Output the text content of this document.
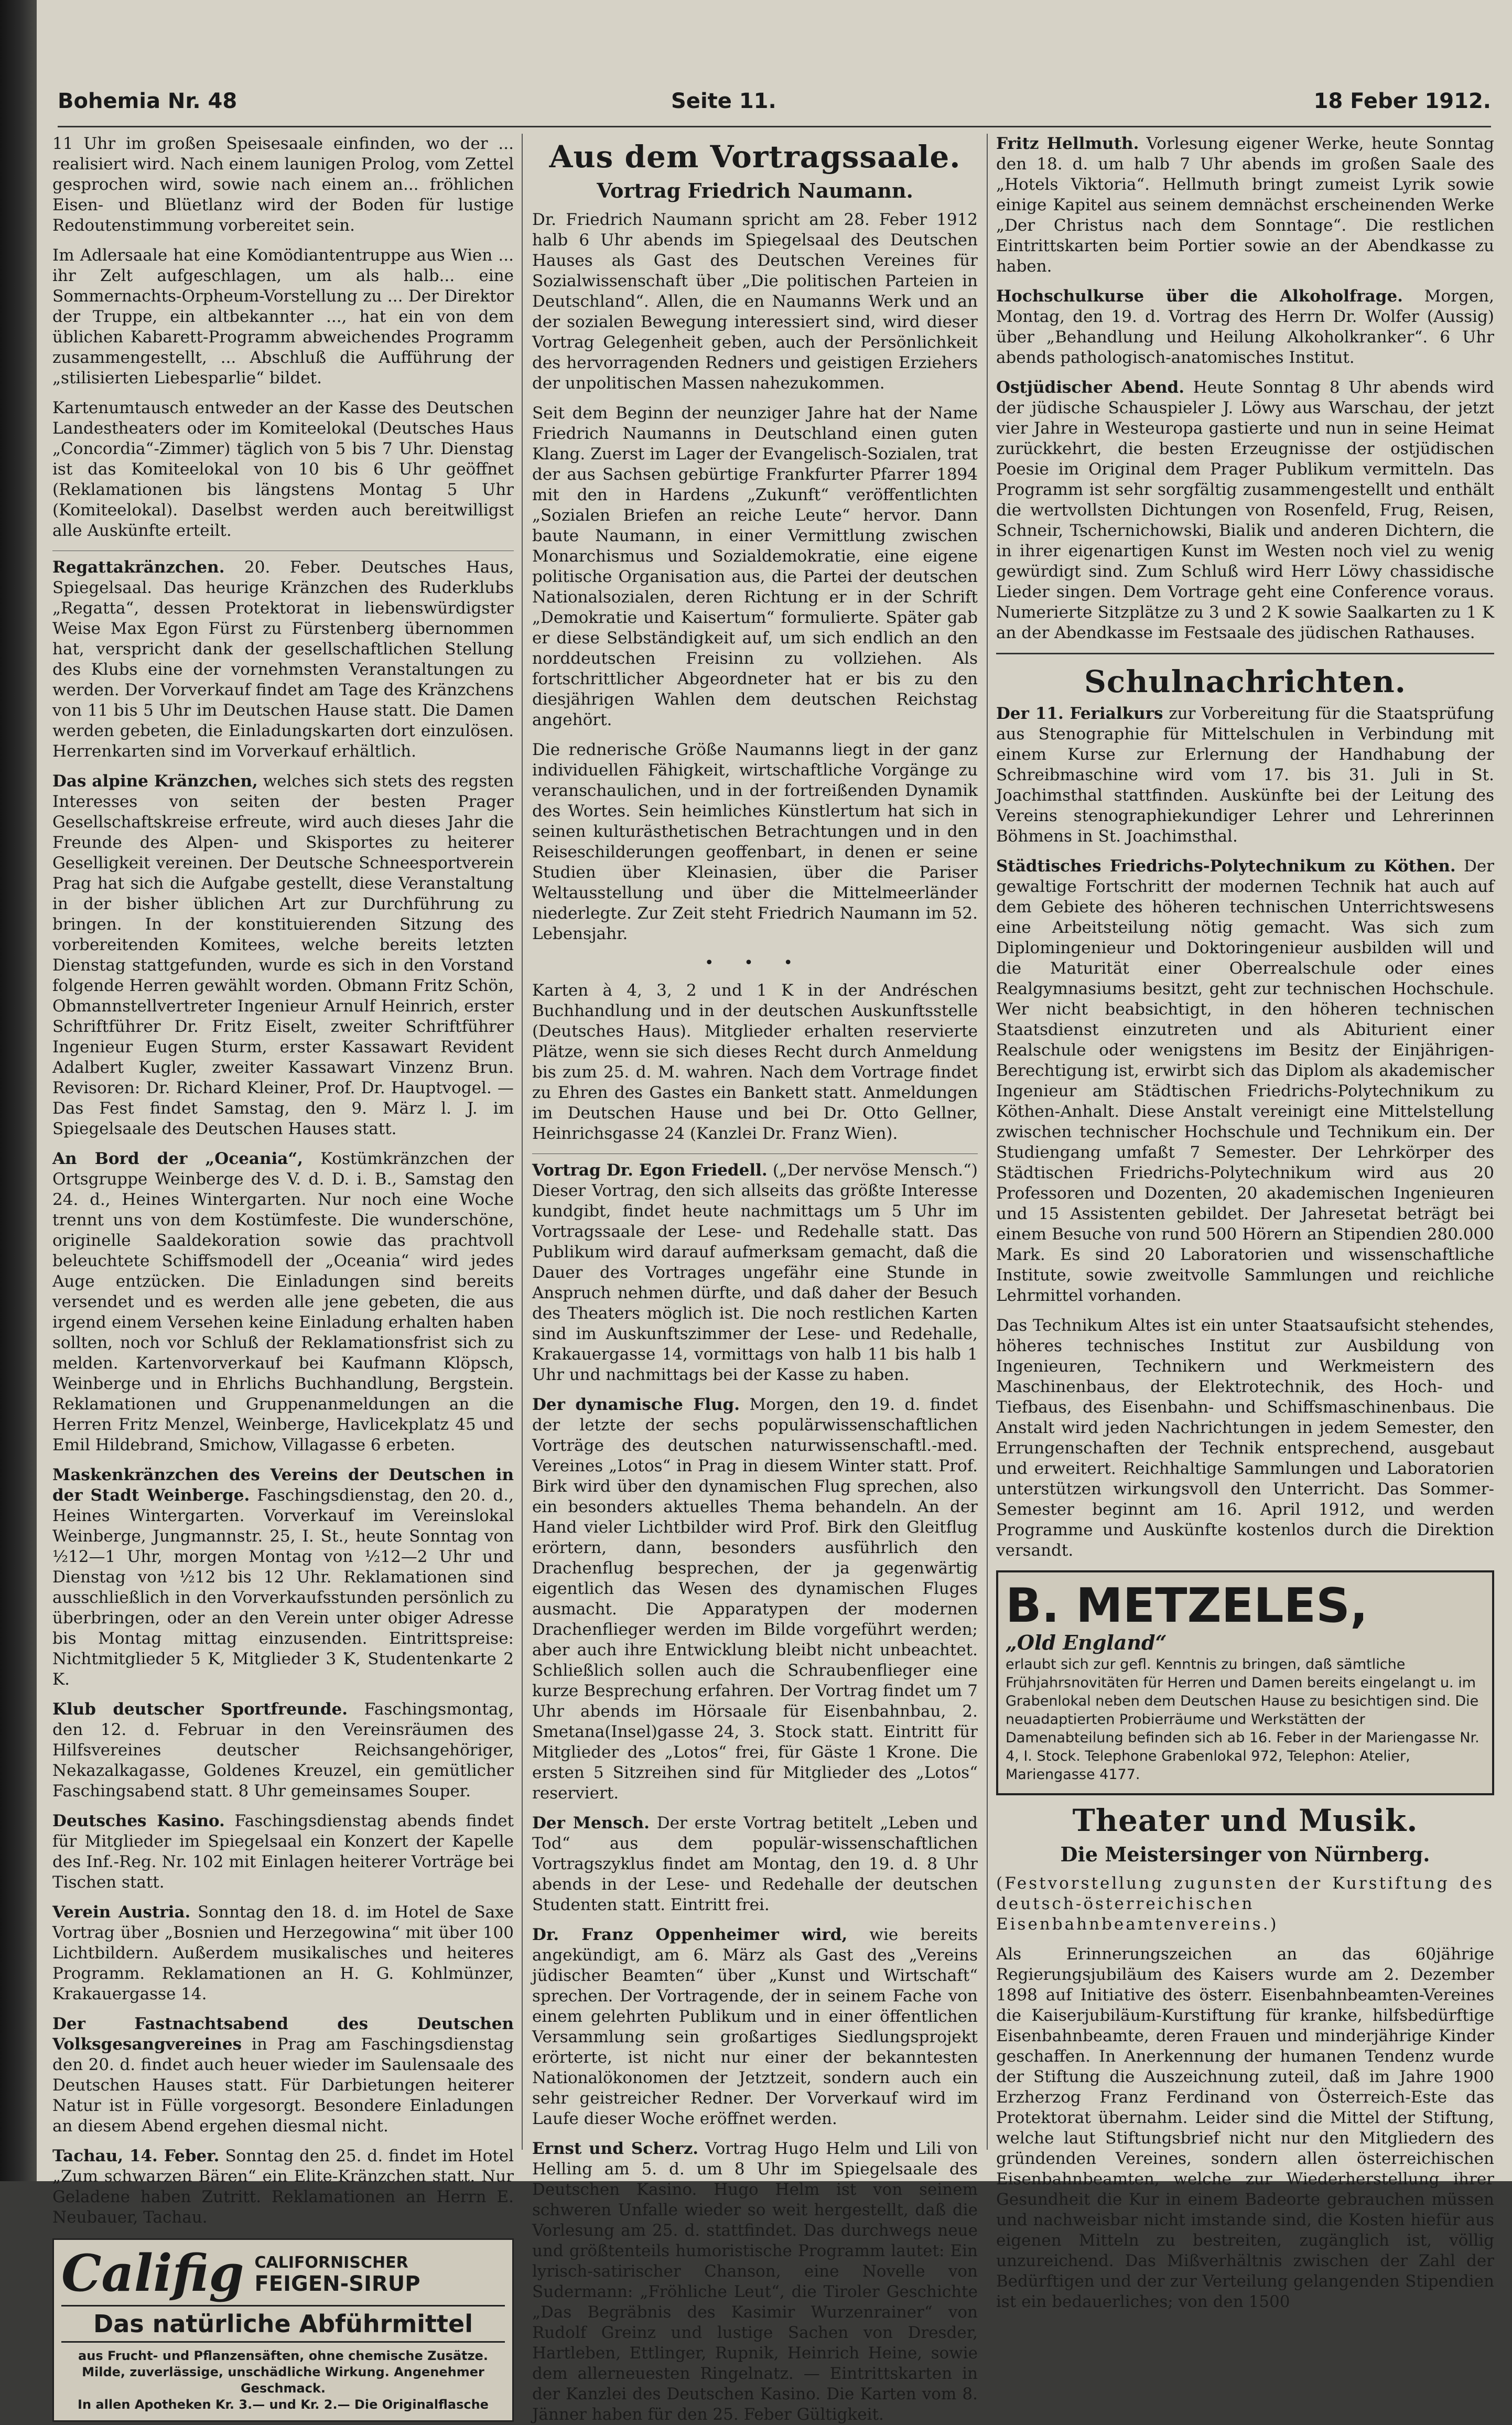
Bohemia Nr. 48	Seite 11.	18 Feber 1912.

11 Uhr im großen Speisesaale einfinden, wo der ... realisiert wird. Nach einem launigen Prolog, vom Zettel gesprochen wird, sowie nach einem an... fröhlichen Eisen- und Blüetlanz wird der Boden für lustige Redoutenstimmung vorbereitet sein.

Im Adlersaale hat eine Komödiantentruppe aus Wien ... ihr Zelt aufgeschlagen, um als halb... eine Sommernachts-Orpheum-Vorstellung zu ... Der Direktor der Truppe, ein altbekannter ..., hat ein von dem üblichen Kabarett-Programm abweichendes Programm zusammengestellt, ... Abschluß die Aufführung der „stilisierten Liebesparlie“ bildet.

Kartenumtausch entweder an der Kasse des Deutschen Landestheaters oder im Komiteelokal (Deutsches Haus „Concordia“-Zimmer) täglich von 5 bis 7 Uhr. Dienstag ist das Komiteelokal von 10 bis 6 Uhr geöffnet (Reklamationen bis längstens Montag 5 Uhr (Komiteelokal). Daselbst werden auch bereitwilligst alle Auskünfte erteilt.

Regattakränzchen. 20. Feber. Deutsches Haus, Spiegelsaal. Das heurige Kränzchen des Ruderklubs „Regatta“, dessen Protektorat in liebenswürdigster Weise Max Egon Fürst zu Fürstenberg übernommen hat, verspricht dank der gesellschaftlichen Stellung des Klubs eine der vornehmsten Veranstaltungen zu werden. Der Vorverkauf findet am Tage des Kränzchens von 11 bis 5 Uhr im Deutschen Hause statt. Die Damen werden gebeten, die Einladungskarten dort einzulösen. Herrenkarten sind im Vorverkauf erhältlich.

Das alpine Kränzchen, welches sich stets des regsten Interesses von seiten der besten Prager Gesellschaftskreise erfreute, wird auch dieses Jahr die Freunde des Alpen- und Skisportes zu heiterer Geselligkeit vereinen. Der Deutsche Schneesportverein Prag hat sich die Aufgabe gestellt, diese Veranstaltung in der bisher üblichen Art zur Durchführung zu bringen. In der konstituierenden Sitzung des vorbereitenden Komitees, welche bereits letzten Dienstag stattgefunden, wurde es sich in den Vorstand folgende Herren gewählt worden. Obmann Fritz Schön, Obmannstellvertreter Ingenieur Arnulf Heinrich, erster Schriftführer Dr. Fritz Eiselt, zweiter Schriftführer Ingenieur Eugen Sturm, erster Kassawart Revident Adalbert Kugler, zweiter Kassawart Vinzenz Brun. Revisoren: Dr. Richard Kleiner, Prof. Dr. Hauptvogel. — Das Fest findet Samstag, den 9. März l. J. im Spiegelsaale des Deutschen Hauses statt.

An Bord der „Oceania“, Kostümkränzchen der Ortsgruppe Weinberge des V. d. D. i. B., Samstag den 24. d., Heines Wintergarten. Nur noch eine Woche trennt uns von dem Kostümfeste. Die wunderschöne, originelle Saaldekoration sowie das prachtvoll beleuchtete Schiffsmodell der „Oceania“ wird jedes Auge entzücken. Die Einladungen sind bereits versendet und es werden alle jene gebeten, die aus irgend einem Versehen keine Einladung erhalten haben sollten, noch vor Schluß der Reklamationsfrist sich zu melden. Kartenvorverkauf bei Kaufmann Klöpsch, Weinberge und in Ehrlichs Buchhandlung, Bergstein. Reklamationen und Gruppenanmeldungen an die Herren Fritz Menzel, Weinberge, Havlicekplatz 45 und Emil Hildebrand, Smichow, Villagasse 6 erbeten.

Maskenkränzchen des Vereins der Deutschen in der Stadt Weinberge. Faschingsdienstag, den 20. d., Heines Wintergarten. Vorverkauf im Vereinslokal Weinberge, Jungmannstr. 25, I. St., heute Sonntag von ½12—1 Uhr, morgen Montag von ½12—2 Uhr und Dienstag von ½12 bis 12 Uhr. Reklamationen sind ausschließlich in den Vorverkaufsstunden persönlich zu überbringen, oder an den Verein unter obiger Adresse bis Montag mittag einzusenden. Eintrittspreise: Nichtmitglieder 5 K, Mitglieder 3 K, Studentenkarte 2 K.

Klub deutscher Sportfreunde. Faschingsmontag, den 12. d. Februar in den Vereinsräumen des Hilfsvereines deutscher Reichsangehöriger, Nekazalkagasse, Goldenes Kreuzel, ein gemütlicher Faschingsabend statt. 8 Uhr gemeinsames Souper.

Deutsches Kasino. Faschingsdienstag abends findet für Mitglieder im Spiegelsaal ein Konzert der Kapelle des Inf.-Reg. Nr. 102 mit Einlagen heiterer Vorträge bei Tischen statt.

Verein Austria. Sonntag den 18. d. im Hotel de Saxe Vortrag über „Bosnien und Herzegowina“ mit über 100 Lichtbildern. Außerdem musikalisches und heiteres Programm. Reklamationen an H. G. Kohlmünzer, Krakauergasse 14.

Der Fastnachtsabend des Deutschen Volksgesangvereines in Prag am Faschingsdienstag den 20. d. findet auch heuer wieder im Saulensaale des Deutschen Hauses statt. Für Darbietungen heiterer Natur ist in Fülle vorgesorgt. Besondere Einladungen an diesem Abend ergehen diesmal nicht.

Tachau, 14. Feber. Sonntag den 25. d. findet im Hotel „Zum schwarzen Bären“ ein Elite-Kränzchen statt. Nur Geladene haben Zutritt. Reklamationen an Herrn E. Neubauer, Tachau.

Califig CALIFORNISCHER
FEIGEN-SIRUP
Das natürliche Abführmittel
aus Frucht- und Pflanzensäften, ohne chemische Zusätze. Milde, zuverlässige, unschädliche Wirkung. Angenehmer Geschmack.
In allen Apotheken Kr. 3.— und Kr. 2.— Die Originalflasche
Aus dem Vortragssaale.
Vortrag Friedrich Naumann.

Dr. Friedrich Naumann spricht am 28. Feber 1912 halb 6 Uhr abends im Spiegelsaal des Deutschen Hauses als Gast des Deutschen Vereines für Sozialwissenschaft über „Die politischen Parteien in Deutschland“. Allen, die en Naumanns Werk und an der sozialen Bewegung interessiert sind, wird dieser Vortrag Gelegenheit geben, auch der Persönlichkeit des hervorragenden Redners und geistigen Erziehers der unpolitischen Massen nahezukommen.

Seit dem Beginn der neunziger Jahre hat der Name Friedrich Naumanns in Deutschland einen guten Klang. Zuerst im Lager der Evangelisch-Sozialen, trat der aus Sachsen gebürtige Frankfurter Pfarrer 1894 mit den in Hardens „Zukunft“ veröffentlichten „Sozialen Briefen an reiche Leute“ hervor. Dann baute Naumann, in einer Vermittlung zwischen Monarchismus und Sozialdemokratie, eine eigene politische Organisation aus, die Partei der deutschen Nationalsozialen, deren Richtung er in der Schrift „Demokratie und Kaisertum“ formulierte. Später gab er diese Selbständigkeit auf, um sich endlich an den norddeutschen Freisinn zu vollziehen. Als fortschrittlicher Abgeordneter hat er bis zu den diesjährigen Wahlen dem deutschen Reichstag angehört.

Die rednerische Größe Naumanns liegt in der ganz individuellen Fähigkeit, wirtschaftliche Vorgänge zu veranschaulichen, und in der fortreißenden Dynamik des Wortes. Sein heimliches Künstlertum hat sich in seinen kulturästhetischen Betrachtungen und in den Reiseschilderungen geoffenbart, in denen er seine Studien über Kleinasien, über die Pariser Weltausstellung und über die Mittelmeerländer niederlegte. Zur Zeit steht Friedrich Naumann im 52. Lebensjahr.

• • •

Karten à 4, 3, 2 und 1 K in der Andréschen Buchhandlung und in der deutschen Auskunftsstelle (Deutsches Haus). Mitglieder erhalten reservierte Plätze, wenn sie sich dieses Recht durch Anmeldung bis zum 25. d. M. wahren. Nach dem Vortrage findet zu Ehren des Gastes ein Bankett statt. Anmeldungen im Deutschen Hause und bei Dr. Otto Gellner, Heinrichsgasse 24 (Kanzlei Dr. Franz Wien).

Vortrag Dr. Egon Friedell. („Der nervöse Mensch.“) Dieser Vortrag, den sich allseits das größte Interesse kundgibt, findet heute nachmittags um 5 Uhr im Vortragssaale der Lese- und Redehalle statt. Das Publikum wird darauf aufmerksam gemacht, daß die Dauer des Vortrages ungefähr eine Stunde in Anspruch nehmen dürfte, und daß daher der Besuch des Theaters möglich ist. Die noch restlichen Karten sind im Auskunftszimmer der Lese- und Redehalle, Krakauergasse 14, vormittags von halb 11 bis halb 1 Uhr und nachmittags bei der Kasse zu haben.

Der dynamische Flug. Morgen, den 19. d. findet der letzte der sechs populärwissenschaftlichen Vorträge des deutschen naturwissenschaftl.-med. Vereines „Lotos“ in Prag in diesem Winter statt. Prof. Birk wird über den dynamischen Flug sprechen, also ein besonders aktuelles Thema behandeln. An der Hand vieler Lichtbilder wird Prof. Birk den Gleitflug erörtern, dann, besonders ausführlich den Drachenflug besprechen, der ja gegenwärtig eigentlich das Wesen des dynamischen Fluges ausmacht. Die Apparatypen der modernen Drachenflieger werden im Bilde vorgeführt werden; aber auch ihre Entwicklung bleibt nicht unbeachtet. Schließlich sollen auch die Schraubenflieger eine kurze Besprechung erfahren. Der Vortrag findet um 7 Uhr abends im Hörsaale für Eisenbahnbau, 2. Smetana(Insel)gasse 24, 3. Stock statt. Eintritt für Mitglieder des „Lotos“ frei, für Gäste 1 Krone. Die ersten 5 Sitzreihen sind für Mitglieder des „Lotos“ reserviert.

Der Mensch. Der erste Vortrag betitelt „Leben und Tod“ aus dem populär-wissenschaftlichen Vortragszyklus findet am Montag, den 19. d. 8 Uhr abends in der Lese- und Redehalle der deutschen Studenten statt. Eintritt frei.

Dr. Franz Oppenheimer wird, wie bereits angekündigt, am 6. März als Gast des „Vereins jüdischer Beamten“ über „Kunst und Wirtschaft“ sprechen. Der Vortragende, der in seinem Fache von einem gelehrten Publikum und in einer öffentlichen Versammlung sein großartiges Siedlungsprojekt erörterte, ist nicht nur einer der bekanntesten Nationalökonomen der Jetztzeit, sondern auch ein sehr geistreicher Redner. Der Vorverkauf wird im Laufe dieser Woche eröffnet werden.

Ernst und Scherz. Vortrag Hugo Helm und Lili von Helling am 5. d. um 8 Uhr im Spiegelsaale des Deutschen Kasino. Hugo Helm ist von seinem schweren Unfalle wieder so weit hergestellt, daß die Vorlesung am 25. d. stattfindet. Das durchwegs neue und größtenteils humoristische Programm lautet: Ein lyrisch-satirischer Chanson, eine Novelle von Sudermann: „Fröhliche Leut“, die Tiroler Geschichte „Das Begräbnis des Kasimir Wurzenrainer“ von Rudolf Greinz und lustige Sachen von Dresder, Hartleben, Ettlinger, Rupnik, Heinrich Heine, sowie dem allerneuesten Ringelnatz. — Eintrittskarten in der Kanzlei des Deutschen Kasino. Die Karten vom 8. Jänner haben für den 25. Feber Gültigkeit.

Fritz Hellmuth. Vorlesung eigener Werke, heute Sonntag den 18. d. um halb 7 Uhr abends im großen Saale des „Hotels Viktoria“. Hellmuth bringt zumeist Lyrik sowie einige Kapitel aus seinem demnächst erscheinenden Werke „Der Christus nach dem Sonntage“. Die restlichen Eintrittskarten beim Portier sowie an der Abendkasse zu haben.

Hochschulkurse über die Alkoholfrage. Morgen, Montag, den 19. d. Vortrag des Herrn Dr. Wolfer (Aussig) über „Behandlung und Heilung Alkoholkranker“. 6 Uhr abends pathologisch-anatomisches Institut.

Ostjüdischer Abend. Heute Sonntag 8 Uhr abends wird der jüdische Schauspieler J. Löwy aus Warschau, der jetzt vier Jahre in Westeuropa gastierte und nun in seine Heimat zurückkehrt, die besten Erzeugnisse der ostjüdischen Poesie im Original dem Prager Publikum vermitteln. Das Programm ist sehr sorgfältig zusammengestellt und enthält die wertvollsten Dichtungen von Rosenfeld, Frug, Reisen, Schneir, Tschernichowski, Bialik und anderen Dichtern, die in ihrer eigenartigen Kunst im Westen noch viel zu wenig gewürdigt sind. Zum Schluß wird Herr Löwy chassidische Lieder singen. Dem Vortrage geht eine Conference voraus. Numerierte Sitzplätze zu 3 und 2 K sowie Saalkarten zu 1 K an der Abendkasse im Festsaale des jüdischen Rathauses.

Schulnachrichten.

Der 11. Ferialkurs zur Vorbereitung für die Staatsprüfung aus Stenographie für Mittelschulen in Verbindung mit einem Kurse zur Erlernung der Handhabung der Schreibmaschine wird vom 17. bis 31. Juli in St. Joachimsthal stattfinden. Auskünfte bei der Leitung des Vereins stenographiekundiger Lehrer und Lehrerinnen Böhmens in St. Joachimsthal.

Städtisches Friedrichs-Polytechnikum zu Köthen. Der gewaltige Fortschritt der modernen Technik hat auch auf dem Gebiete des höheren technischen Unterrichtswesens eine Arbeitsteilung nötig gemacht. Was sich zum Diplomingenieur und Doktoringenieur ausbilden will und die Maturität einer Oberrealschule oder eines Realgymnasiums besitzt, geht zur technischen Hochschule. Wer nicht beabsichtigt, in den höheren technischen Staatsdienst einzutreten und als Abiturient einer Realschule oder wenigstens im Besitz der Einjährigen-Berechtigung ist, erwirbt sich das Diplom als akademischer Ingenieur am Städtischen Friedrichs-Polytechnikum zu Köthen-Anhalt. Diese Anstalt vereinigt eine Mittelstellung zwischen technischer Hochschule und Technikum ein. Der Studiengang umfaßt 7 Semester. Der Lehrkörper des Städtischen Friedrichs-Polytechnikum wird aus 20 Professoren und Dozenten, 20 akademischen Ingenieuren und 15 Assistenten gebildet. Der Jahresetat beträgt bei einem Besuche von rund 500 Hörern an Stipendien 280.000 Mark. Es sind 20 Laboratorien und wissenschaftliche Institute, sowie zweitvolle Sammlungen und reichliche Lehrmittel vorhanden.

Das Technikum Altes ist ein unter Staatsaufsicht stehendes, höheres technisches Institut zur Ausbildung von Ingenieuren, Technikern und Werkmeistern des Maschinenbaus, der Elektrotechnik, des Hoch- und Tiefbaus, des Eisenbahn- und Schiffsmaschinenbaus. Die Anstalt wird jeden Nachrichtungen in jedem Semester, den Errungenschaften der Technik entsprechend, ausgebaut und erweitert. Reichhaltige Sammlungen und Laboratorien unterstützen wirkungsvoll den Unterricht. Das Sommer-Semester beginnt am 16. April 1912, und werden Programme und Auskünfte kostenlos durch die Direktion versandt.

B. METZELES, „Old England“
erlaubt sich zur gefl. Kenntnis zu bringen, daß sämtliche Frühjahrsnovitäten für Herren und Damen bereits eingelangt u. im Grabenlokal neben dem Deutschen Hause zu besichtigen sind. Die neuadaptierten Probierräume und Werkstätten der Damenabteilung befinden sich ab 16. Feber in der Mariengasse Nr. 4, I. Stock. Telephone Grabenlokal 972, Telephon: Atelier, Mariengasse 4177.
Theater und Musik.
Die Meistersinger von Nürnberg.

(Festvorstellung zugunsten der Kurstiftung des deutsch-österreichischen Eisenbahnbeamtenvereins.)

Als Erinnerungszeichen an das 60jährige Regierungsjubiläum des Kaisers wurde am 2. Dezember 1898 auf Initiative des österr. Eisenbahnbeamten-Vereines die Kaiserjubiläum-Kurstiftung für kranke, hilfsbedürftige Eisenbahnbeamte, deren Frauen und minderjährige Kinder geschaffen. In Anerkennung der humanen Tendenz wurde der Stiftung die Auszeichnung zuteil, daß im Jahre 1900 Erzherzog Franz Ferdinand von Österreich-Este das Protektorat übernahm. Leider sind die Mittel der Stiftung, welche laut Stiftungsbrief nicht nur den Mitgliedern des gründenden Vereines, sondern allen österreichischen Eisenbahnbeamten, welche zur Wiederherstellung ihrer Gesundheit die Kur in einem Badeorte gebrauchen müssen und nachweisbar nicht imstande sind, die Kosten hiefür aus eigenen Mitteln zu bestreiten, zugänglich ist, völlig unzureichend. Das Mißverhältnis zwischen der Zahl der Bedürftigen und der zur Verteilung gelangenden Stipendien ist ein bedauerliches; von den 1500
